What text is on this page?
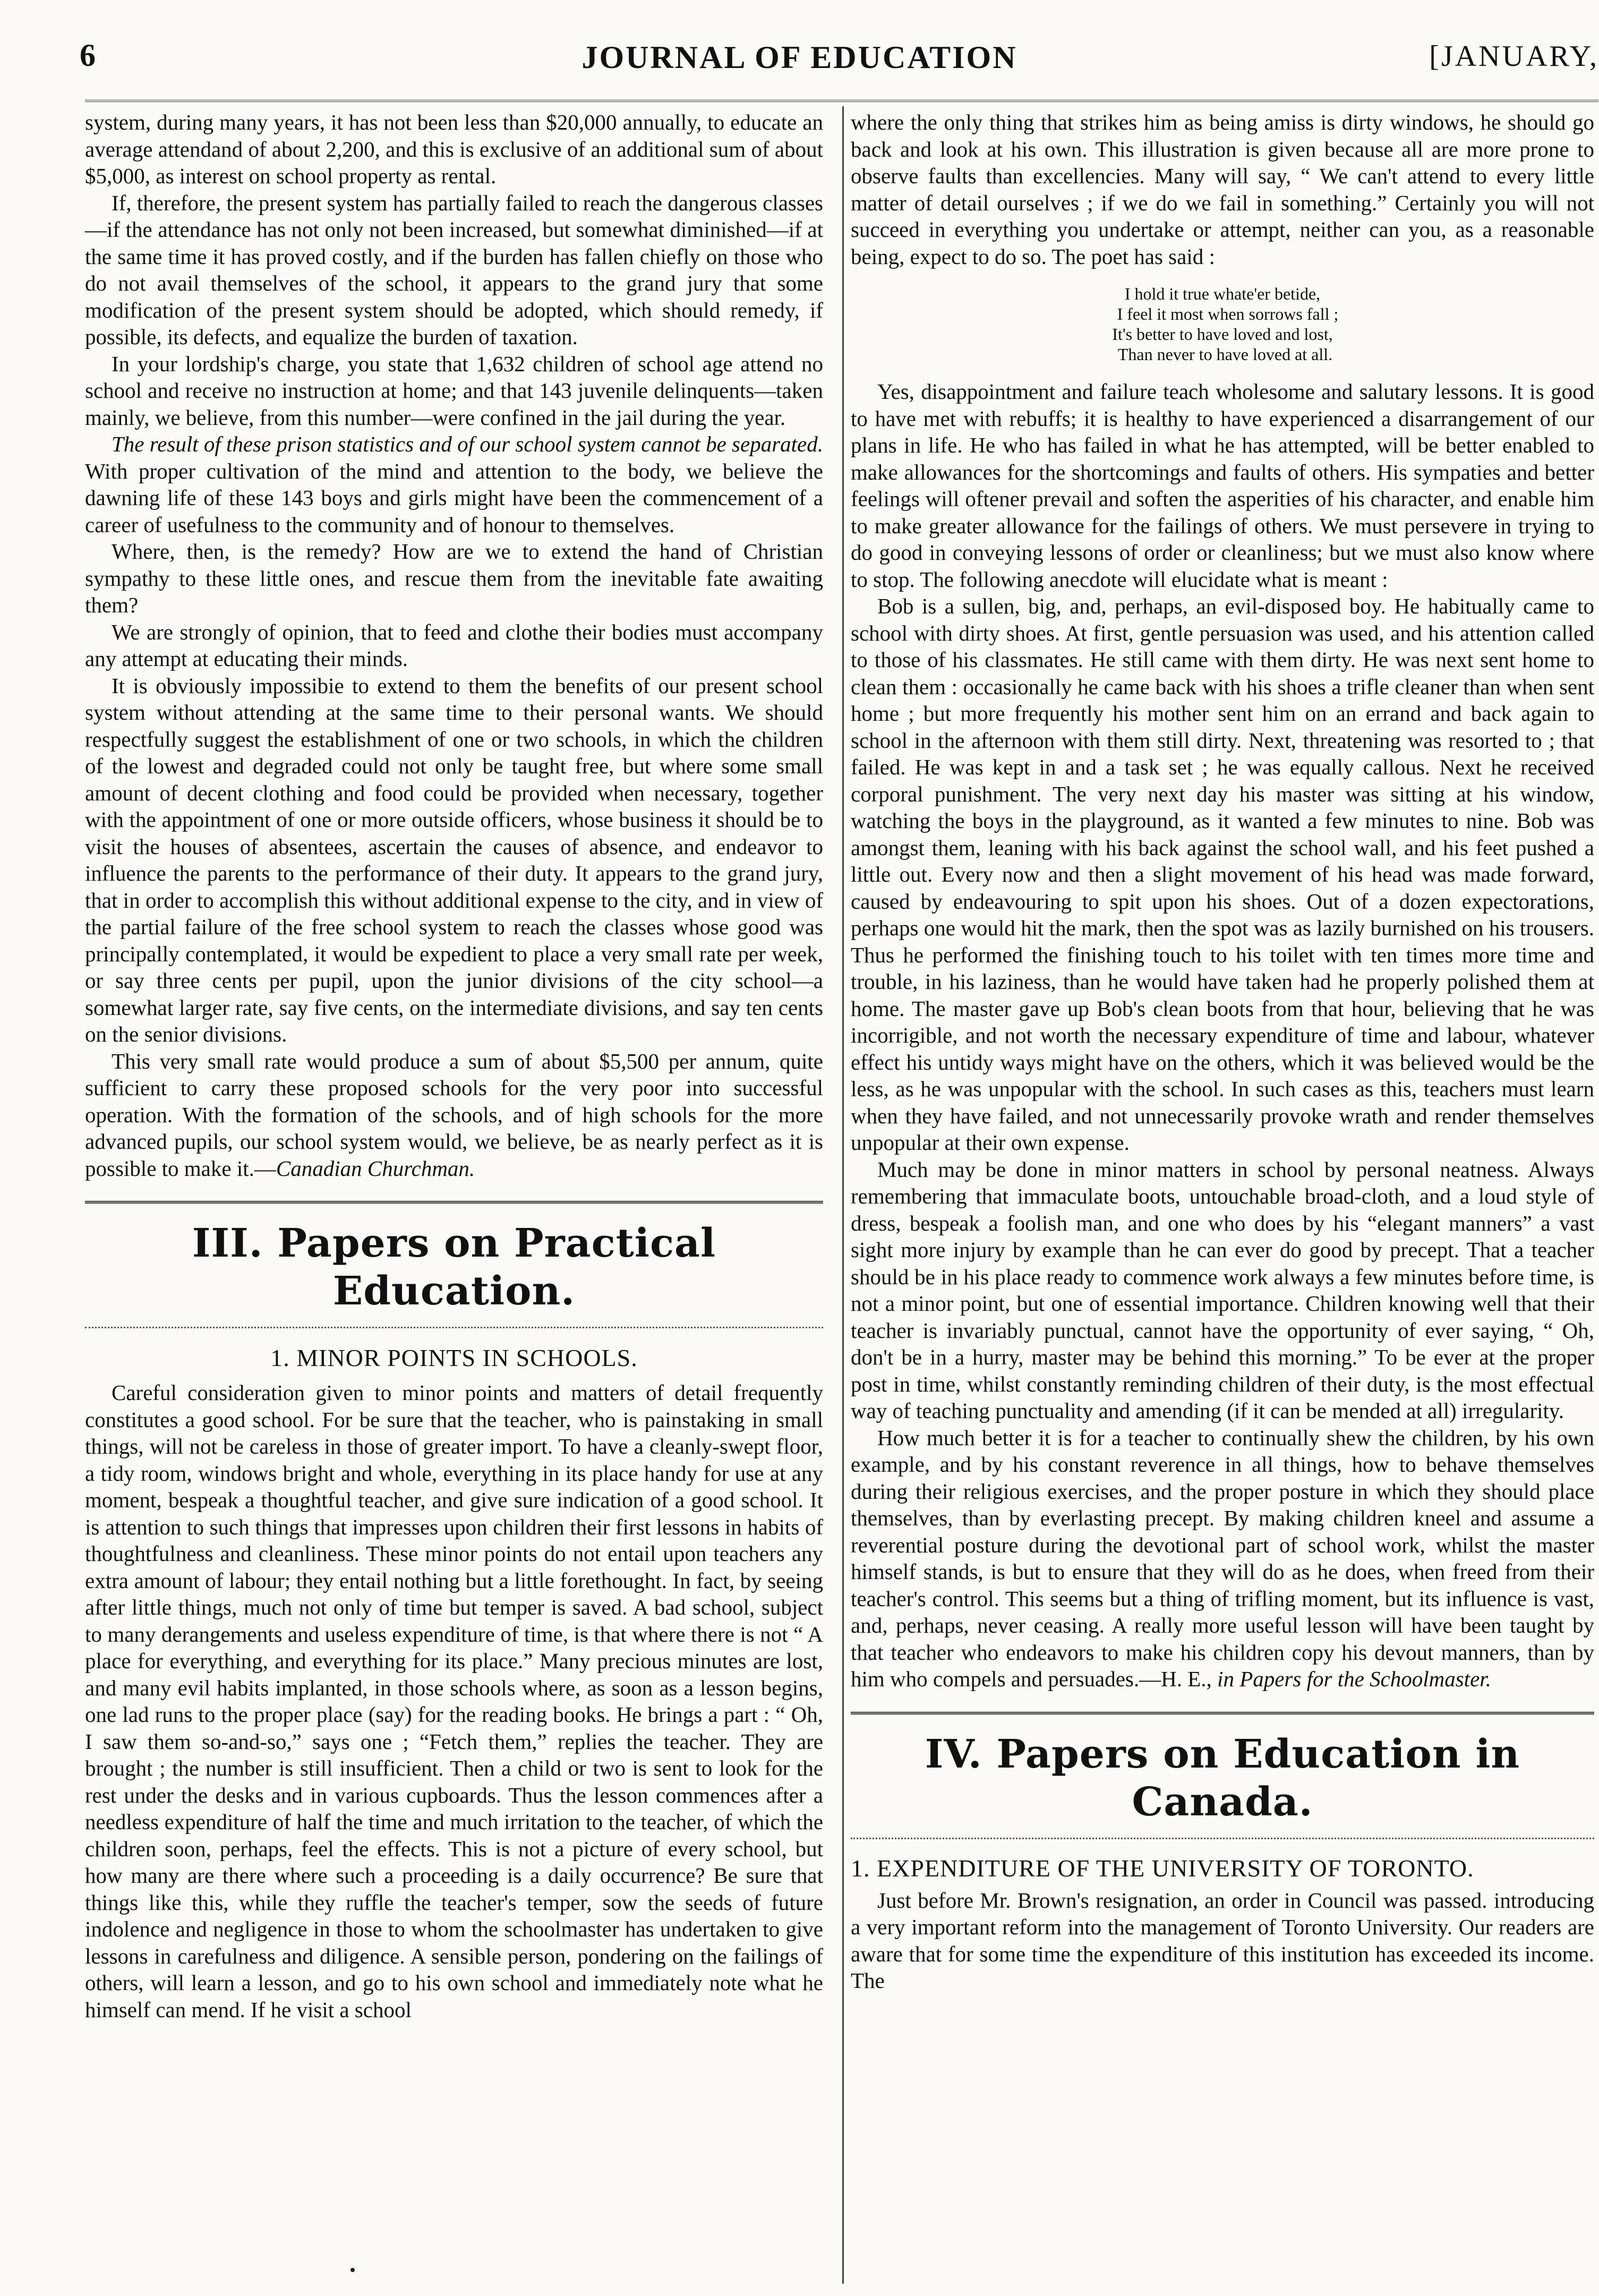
6	JOURNAL OF EDUCATION	[JANUARY,

system, during many years, it has not been less than $20,000 annually, to educate an average attendand of about 2,200, and this is exclusive of an additional sum of about $5,000, as interest on school property as rental.

If, therefore, the present system has partially failed to reach the dangerous classes—if the attendance has not only not been increased, but somewhat diminished—if at the same time it has proved costly, and if the burden has fallen chiefly on those who do not avail themselves of the school, it appears to the grand jury that some modification of the present system should be adopted, which should remedy, if possible, its defects, and equalize the burden of taxation.

In your lordship's charge, you state that 1,632 children of school age attend no school and receive no instruction at home; and that 143 juvenile delinquents—taken mainly, we believe, from this number—were confined in the jail during the year.

The result of these prison statistics and of our school system cannot be separated. With proper cultivation of the mind and attention to the body, we believe the dawning life of these 143 boys and girls might have been the commencement of a career of usefulness to the community and of honour to themselves.

Where, then, is the remedy? How are we to extend the hand of Christian sympathy to these little ones, and rescue them from the inevitable fate awaiting them?

We are strongly of opinion, that to feed and clothe their bodies must accompany any attempt at educating their minds.

It is obviously impossibie to extend to them the benefits of our present school system without attending at the same time to their personal wants. We should respectfully suggest the establishment of one or two schools, in which the children of the lowest and degraded could not only be taught free, but where some small amount of decent clothing and food could be provided when necessary, together with the appointment of one or more outside officers, whose business it should be to visit the houses of absentees, ascertain the causes of absence, and endeavor to influence the parents to the performance of their duty. It appears to the grand jury, that in order to accomplish this without additional expense to the city, and in view of the partial failure of the free school system to reach the classes whose good was principally contemplated, it would be expedient to place a very small rate per week, or say three cents per pupil, upon the junior divisions of the city school—a somewhat larger rate, say five cents, on the intermediate divisions, and say ten cents on the senior divisions.

This very small rate would produce a sum of about $5,500 per annum, quite sufficient to carry these proposed schools for the very poor into successful operation. With the formation of the schools, and of high schools for the more advanced pupils, our school system would, we believe, be as nearly perfect as it is possible to make it.—Canadian Churchman.

III. Papers on Practical Education.
1. MINOR POINTS IN SCHOOLS.

Careful consideration given to minor points and matters of detail frequently constitutes a good school. For be sure that the teacher, who is painstaking in small things, will not be careless in those of greater import. To have a cleanly-swept floor, a tidy room, windows bright and whole, everything in its place handy for use at any moment, bespeak a thoughtful teacher, and give sure indication of a good school. It is attention to such things that impresses upon children their first lessons in habits of thoughtfulness and cleanliness. These minor points do not entail upon teachers any extra amount of labour; they entail nothing but a little forethought. In fact, by seeing after little things, much not only of time but temper is saved. A bad school, subject to many derangements and useless expenditure of time, is that where there is not “ A place for everything, and everything for its place.” Many precious minutes are lost, and many evil habits implanted, in those schools where, as soon as a lesson begins, one lad runs to the proper place (say) for the reading books. He brings a part : “ Oh, I saw them so-and-so,” says one ; “Fetch them,” replies the teacher. They are brought ; the number is still insufficient. Then a child or two is sent to look for the rest under the desks and in various cupboards. Thus the lesson commences after a needless expenditure of half the time and much irritation to the teacher, of which the children soon, perhaps, feel the effects. This is not a picture of every school, but how many are there where such a proceeding is a daily occurrence? Be sure that things like this, while they ruffle the teacher's temper, sow the seeds of future indolence and negligence in those to whom the schoolmaster has undertaken to give lessons in carefulness and diligence. A sensible person, pondering on the failings of others, will learn a lesson, and go to his own school and immediately note what he himself can mend. If he visit a school

where the only thing that strikes him as being amiss is dirty windows, he should go back and look at his own. This illustration is given because all are more prone to observe faults than excellencies. Many will say, “ We can't attend to every little matter of detail ourselves ; if we do we fail in something.” Certainly you will not succeed in everything you undertake or attempt, neither can you, as a reasonable being, expect to do so. The poet has said :

I hold it true whate'er betide,
I feel it most when sorrows fall ;
It's better to have loved and lost,
Than never to have loved at all.

Yes, disappointment and failure teach wholesome and salutary lessons. It is good to have met with rebuffs; it is healthy to have experienced a disarrangement of our plans in life. He who has failed in what he has attempted, will be better enabled to make allowances for the shortcomings and faults of others. His sympaties and better feelings will oftener prevail and soften the asperities of his character, and enable him to make greater allowance for the failings of others. We must persevere in trying to do good in conveying lessons of order or cleanliness; but we must also know where to stop. The following anecdote will elucidate what is meant :

Bob is a sullen, big, and, perhaps, an evil-disposed boy. He habitually came to school with dirty shoes. At first, gentle persuasion was used, and his attention called to those of his classmates. He still came with them dirty. He was next sent home to clean them : occasionally he came back with his shoes a trifle cleaner than when sent home ; but more frequently his mother sent him on an errand and back again to school in the afternoon with them still dirty. Next, threatening was resorted to ; that failed. He was kept in and a task set ; he was equally callous. Next he received corporal punishment. The very next day his master was sitting at his window, watching the boys in the playground, as it wanted a few minutes to nine. Bob was amongst them, leaning with his back against the school wall, and his feet pushed a little out. Every now and then a slight movement of his head was made forward, caused by endeavouring to spit upon his shoes. Out of a dozen expectorations, perhaps one would hit the mark, then the spot was as lazily burnished on his trousers. Thus he performed the finishing touch to his toilet with ten times more time and trouble, in his laziness, than he would have taken had he properly polished them at home. The master gave up Bob's clean boots from that hour, believing that he was incorrigible, and not worth the necessary expenditure of time and labour, whatever effect his untidy ways might have on the others, which it was believed would be the less, as he was unpopular with the school. In such cases as this, teachers must learn when they have failed, and not unnecessarily provoke wrath and render themselves unpopular at their own expense.

Much may be done in minor matters in school by personal neatness. Always remembering that immaculate boots, untouchable broad-cloth, and a loud style of dress, bespeak a foolish man, and one who does by his “elegant manners” a vast sight more injury by example than he can ever do good by precept. That a teacher should be in his place ready to commence work always a few minutes before time, is not a minor point, but one of essential importance. Children knowing well that their teacher is invariably punctual, cannot have the opportunity of ever saying, “ Oh, don't be in a hurry, master may be behind this morning.” To be ever at the proper post in time, whilst constantly reminding children of their duty, is the most effectual way of teaching punctuality and amending (if it can be mended at all) irregularity.

How much better it is for a teacher to continually shew the children, by his own example, and by his constant reverence in all things, how to behave themselves during their religious exercises, and the proper posture in which they should place themselves, than by everlasting precept. By making children kneel and assume a reverential posture during the devotional part of school work, whilst the master himself stands, is but to ensure that they will do as he does, when freed from their teacher's control. This seems but a thing of trifling moment, but its influence is vast, and, perhaps, never ceasing. A really more useful lesson will have been taught by that teacher who endeavors to make his children copy his devout manners, than by him who compels and persuades.—H. E., in Papers for the Schoolmaster.

IV. Papers on Education in Canada.
1. EXPENDITURE OF THE UNIVERSITY OF TORONTO.

Just before Mr. Brown's resignation, an order in Council was passed. introducing a very important reform into the management of Toronto University. Our readers are aware that for some time the expenditure of this institution has exceeded its income. The
